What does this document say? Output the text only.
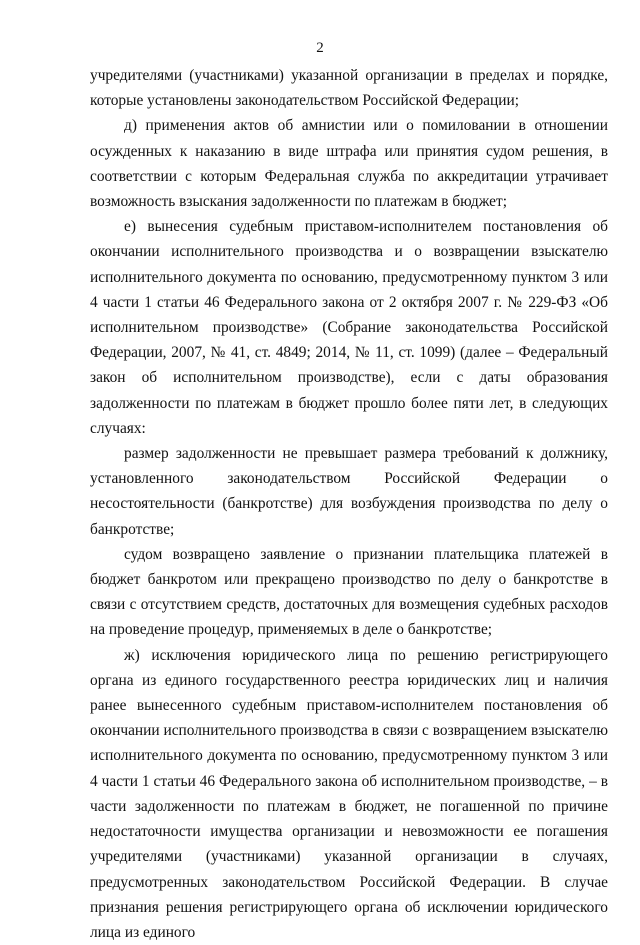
2

учредителями (участниками) указанной организации в пределах и порядке, которые установлены законодательством Российской Федерации;

д) применения актов об амнистии или о помиловании в отношении осужденных к наказанию в виде штрафа или принятия судом решения, в соответствии с которым Федеральная служба по аккредитации утрачивает возможность взыскания задолженности по платежам в бюджет;

е) вынесения судебным приставом-исполнителем постановления об окончании исполнительного производства и о возвращении взыскателю исполнительного документа по основанию, предусмотренному пунктом 3 или 4 части 1 статьи 46 Федерального закона от 2 октября 2007 г. № 229-ФЗ «Об исполнительном производстве» (Собрание законодательства Российской Федерации, 2007, № 41, ст. 4849; 2014, № 11, ст. 1099) (далее – Федеральный закон об исполнительном производстве), если с даты образования задолженности по платежам в бюджет прошло более пяти лет, в следующих случаях:

размер задолженности не превышает размера требований к должнику, установленного законодательством Российской Федерации о несостоятельности (банкротстве) для возбуждения производства по делу о банкротстве;

судом возвращено заявление о признании плательщика платежей в бюджет банкротом или прекращено производство по делу о банкротстве в связи с отсутствием средств, достаточных для возмещения судебных расходов на проведение процедур, применяемых в деле о банкротстве;

ж) исключения юридического лица по решению регистрирующего органа из единого государственного реестра юридических лиц и наличия ранее вынесенного судебным приставом-исполнителем постановления об окончании исполнительного производства в связи с возвращением взыскателю исполнительного документа по основанию, предусмотренному пунктом 3 или 4 части 1 статьи 46 Федерального закона об исполнительном производстве, – в части задолженности по платежам в бюджет, не погашенной по причине недостаточности имущества организации и невозможности ее погашения учредителями (участниками) указанной организации в случаях, предусмотренных законодательством Российской Федерации. В случае признания решения регистрирующего органа об исключении юридического лица из единого
